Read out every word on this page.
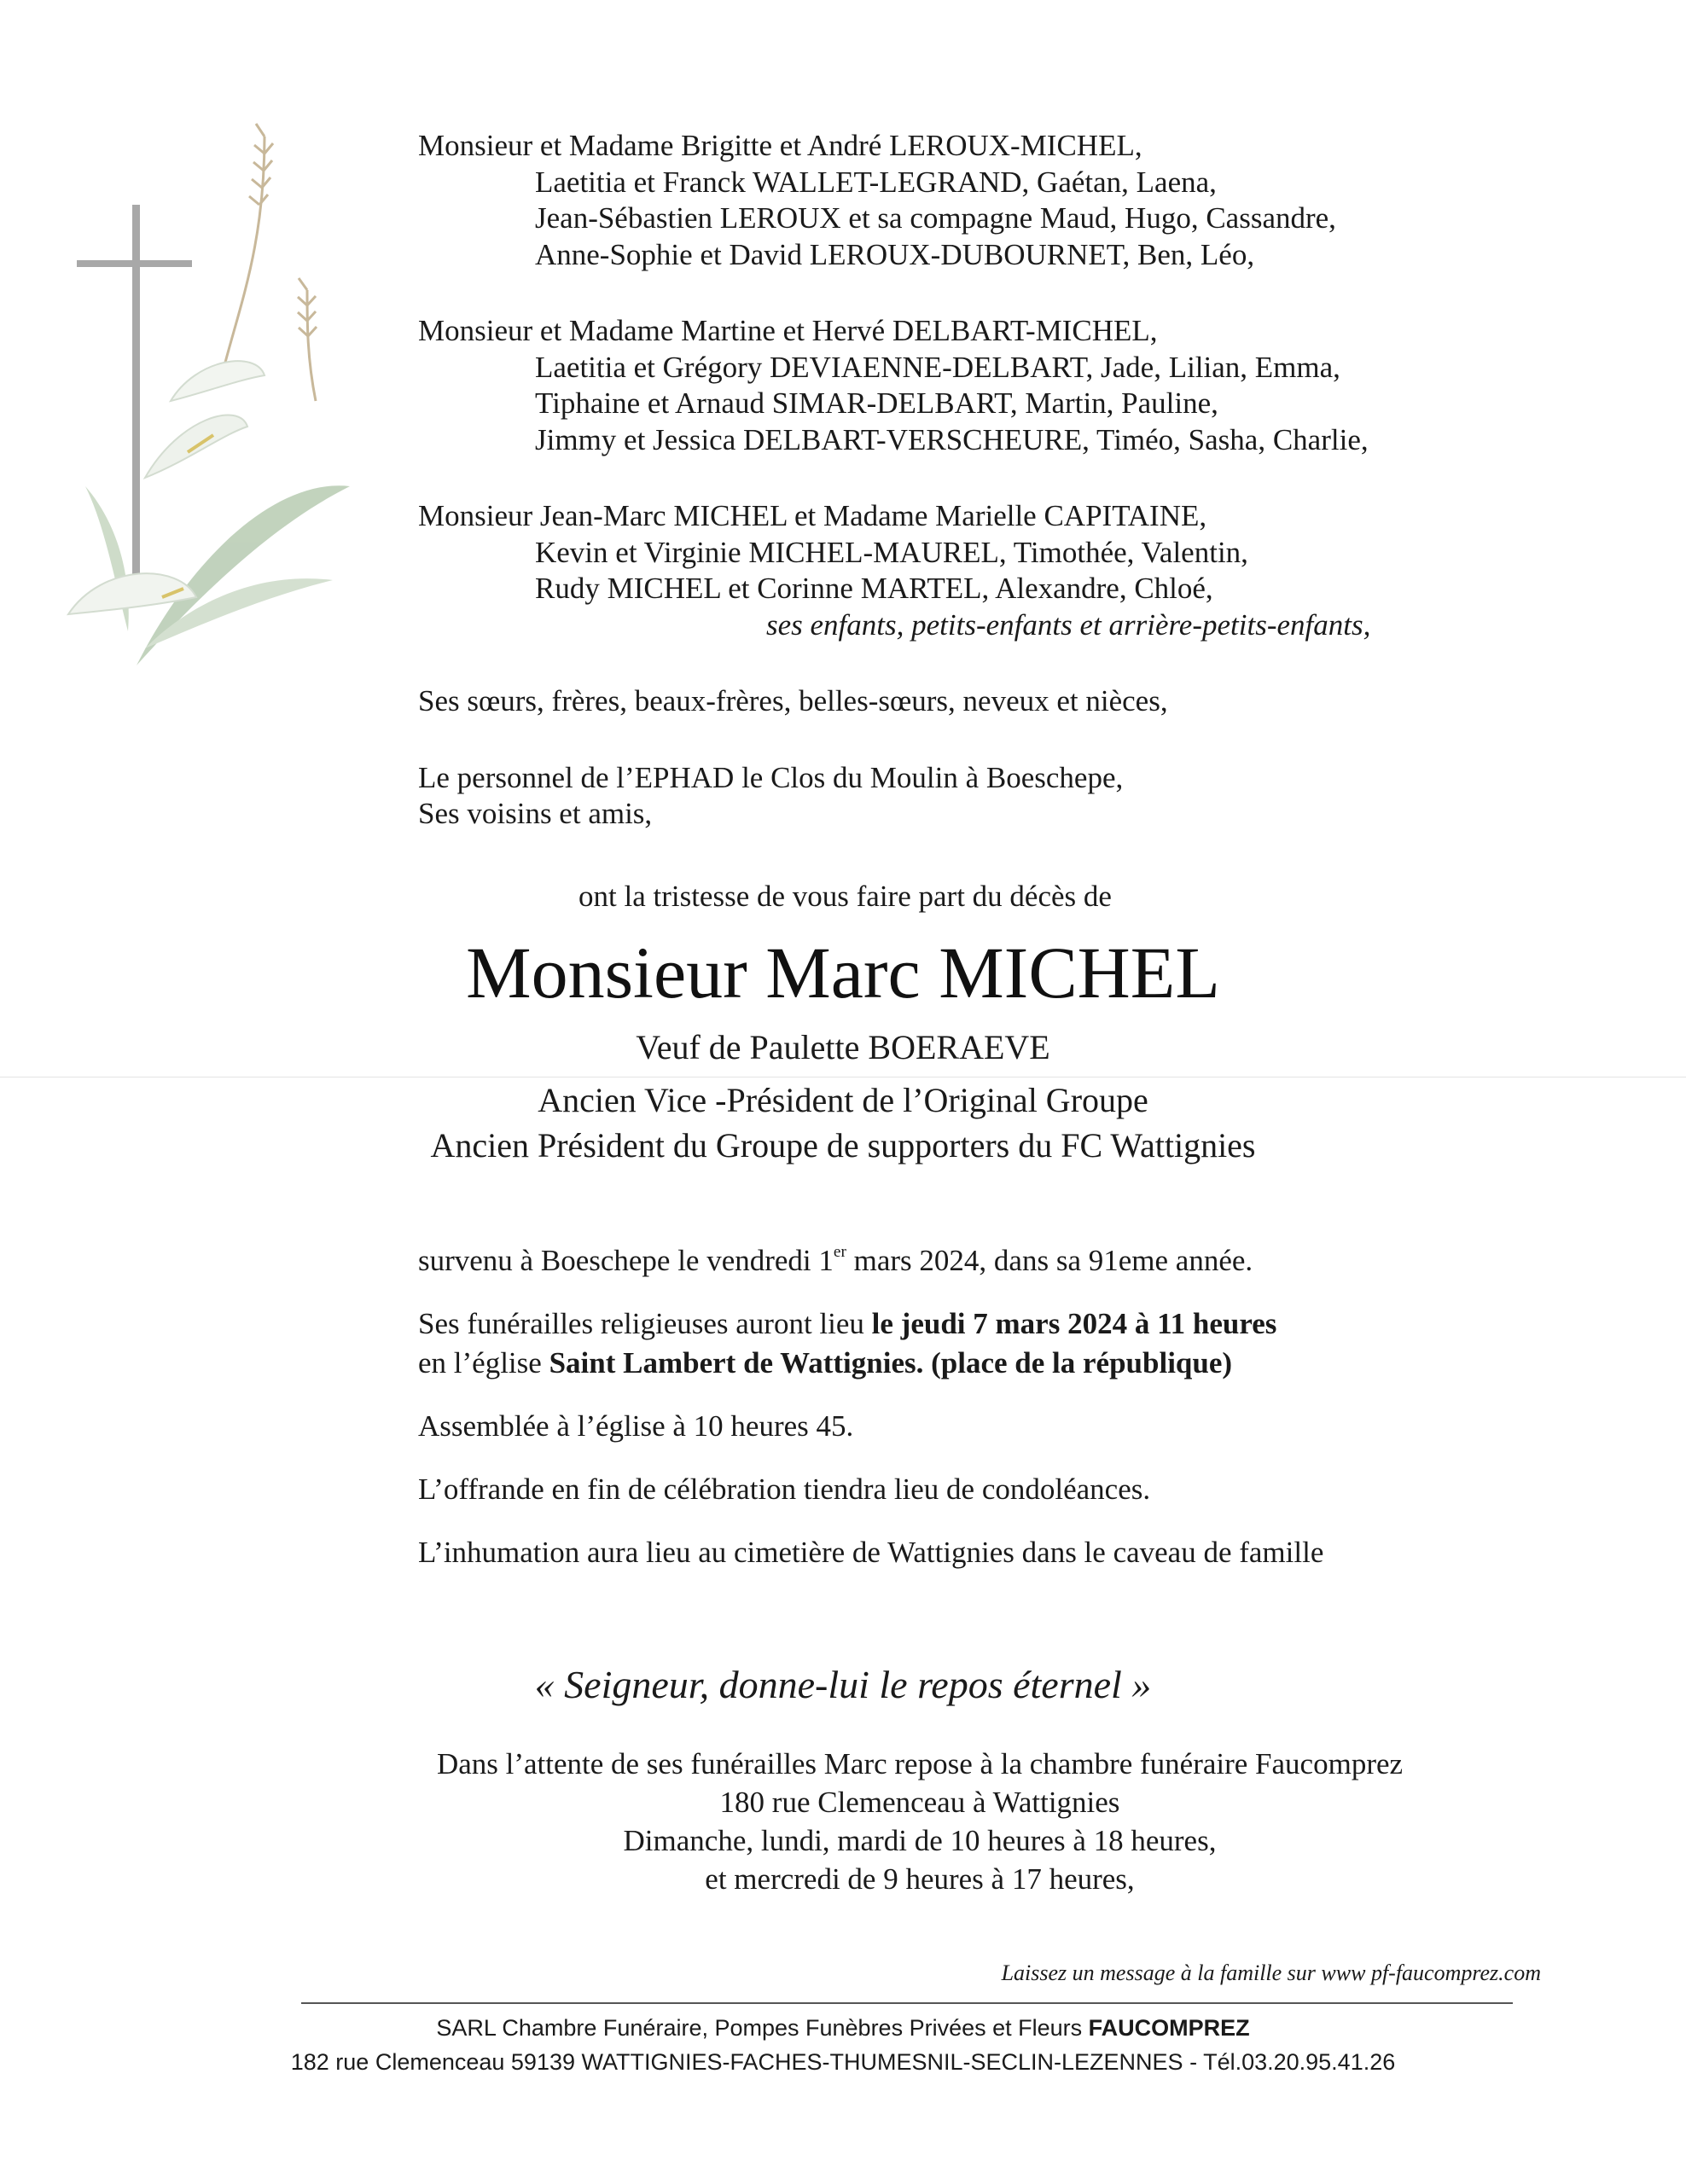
Monsieur et Madame Brigitte et André LEROUX-MICHEL,
Laetitia et Franck WALLET-LEGRAND, Gaétan, Laena,
Jean-Sébastien LEROUX et sa compagne Maud, Hugo, Cassandre,
Anne-Sophie et David LEROUX-DUBOURNET, Ben, Léo,
Monsieur et Madame Martine et Hervé DELBART-MICHEL,
Laetitia et Grégory DEVIAENNE-DELBART, Jade, Lilian, Emma,
Tiphaine et Arnaud SIMAR-DELBART, Martin, Pauline,
Jimmy et Jessica DELBART-VERSCHEURE, Timéo, Sasha, Charlie,
Monsieur Jean-Marc MICHEL et Madame Marielle CAPITAINE,
Kevin et Virginie MICHEL-MAUREL, Timothée, Valentin,
Rudy MICHEL et Corinne MARTEL, Alexandre, Chloé,
ses enfants, petits-enfants et arrière-petits-enfants,
Ses sœurs, frères, beaux-frères, belles-sœurs, neveux et nièces,
Le personnel de l’EPHAD le Clos du Moulin à Boeschepe,
Ses voisins et amis,
ont la tristesse de vous faire part du décès de
Monsieur Marc MICHEL
Veuf de Paulette BOERAEVE
Ancien Vice -Président de l’Original Groupe
Ancien Président du Groupe de supporters du FC Wattignies
survenu à Boeschepe le vendredi 1er mars 2024, dans sa 91eme année.
Ses funérailles religieuses auront lieu le jeudi 7 mars 2024 à 11 heures
en l’église Saint Lambert de Wattignies. (place de la république)
Assemblée à l’église à 10 heures 45.
L’offrande en fin de célébration tiendra lieu de condoléances.
L’inhumation aura lieu au cimetière de Wattignies dans le caveau de famille
« Seigneur, donne-lui le repos éternel »
Dans l’attente de ses funérailles Marc repose à la chambre funéraire Faucomprez
180 rue Clemenceau à Wattignies
Dimanche, lundi, mardi de 10 heures à 18 heures,
et mercredi de 9 heures à 17 heures,
Laissez un message à la famille sur www pf-faucomprez.com
SARL Chambre Funéraire, Pompes Funèbres Privées et Fleurs FAUCOMPREZ
182 rue Clemenceau 59139 WATTIGNIES-FACHES-THUMESNIL-SECLIN-LEZENNES - Tél.03.20.95.41.26
